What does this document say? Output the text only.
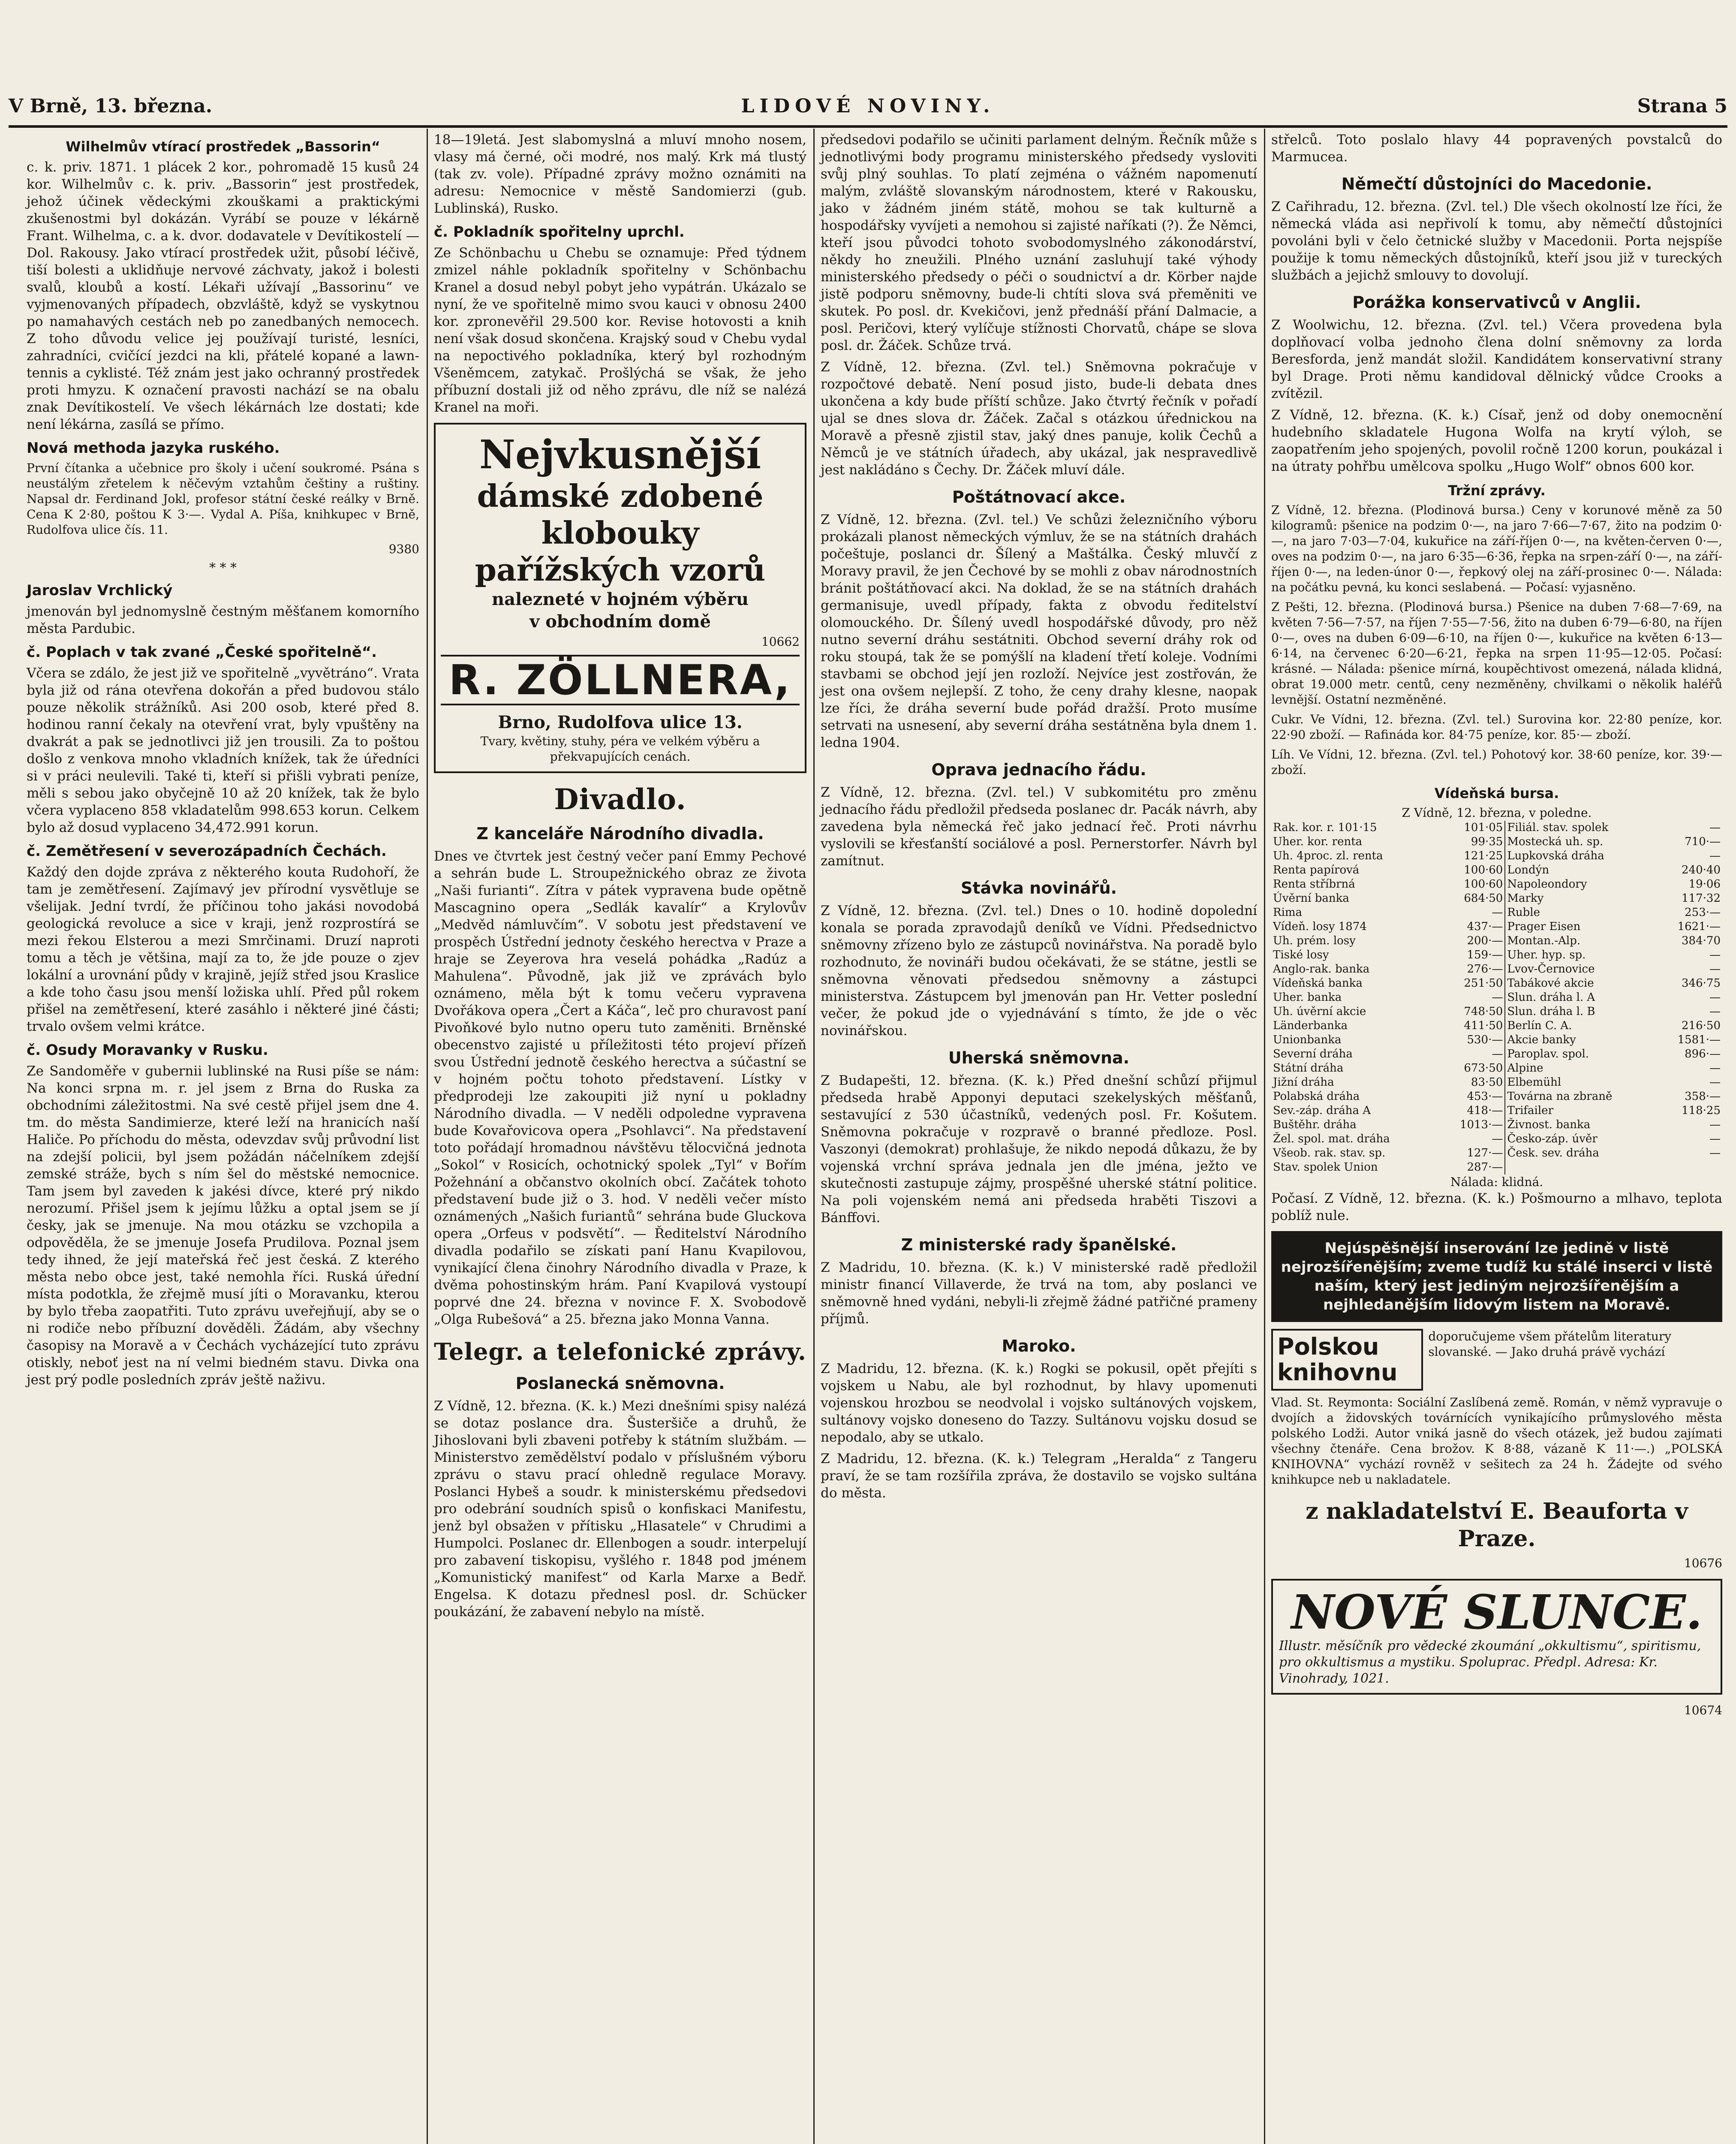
V Brně, 13. března.	LIDOVÉ NOVINY.	Strana 5
Wilhelmův vtírací prostředek „Bassorin“

c. k. priv. 1871. 1 plácek 2 kor., pohromadě 15 kusů 24 kor. Wilhelmův c. k. priv. „Bassorin“ jest prostředek, jehož účinek vědeckými zkouškami a praktickými zkušenostmi byl dokázán. Vyrábí se pouze v lékárně Frant. Wilhelma, c. a k. dvor. dodavatele v Devítikostelí — Dol. Rakousy. Jako vtírací prostředek užit, působí léčivě, tiší bolesti a uklidňuje nervové záchvaty, jakož i bolesti svalů, kloubů a kostí. Lékaři užívají „Bassorinu“ ve vyjmenovaných případech, obzvláště, když se vyskytnou po namahavých cestách neb po zanedbaných nemocech. Z toho důvodu velice jej používají turisté, lesníci, zahradníci, cvičící jezdci na kli, přátelé kopané a lawn-tennis a cyklisté. Též znám jest jako ochranný prostředek proti hmyzu. K označení pravosti nachází se na obalu znak Devítikostelí. Ve všech lékárnách lze dostati; kde není lékárna, zasílá se přímo.

Nová methoda jazyka ruského.

První čítanka a učebnice pro školy i učení soukromé. Psána s neustálým zřetelem k něčevým vztahům češtiny a ruštiny. Napsal dr. Ferdinand Jokl, profesor státní české reálky v Brně. Cena K 2·80, poštou K 3·—. Vydal A. Píša, knihkupec v Brně, Rudolfova ulice čís. 11.

9380
* * *
Jaroslav Vrchlický

jmenován byl jednomyslně čestným měšťanem komorního města Pardubic.

č. Poplach v tak zvané „České spořitelně“.

Včera se zdálo, že jest již ve spořitelně „vyvětráno“. Vrata byla již od rána otevřena dokořán a před budovou stálo pouze několik strážníků. Asi 200 osob, které před 8. hodinou ranní čekaly na otevření vrat, byly vpuštěny na dvakrát a pak se jednotlivci již jen trousili. Za to poštou došlo z venkova mnoho vkladních knížek, tak že úředníci si v práci neulevili. Také ti, kteří si přišli vybrati peníze, měli s sebou jako obyčejně 10 až 20 knížek, tak že bylo včera vyplaceno 858 vkladatelům 998.653 korun. Celkem bylo až dosud vyplaceno 34,472.991 korun.

č. Zemětřesení v severozápadních Čechách.

Každý den dojde zpráva z některého kouta Rudohoří, že tam je zemětřesení. Zajímavý jev přírodní vysvětluje se všelijak. Jední tvrdí, že příčinou toho jakási novodobá geologická revoluce a sice v kraji, jenž rozprostírá se mezi řekou Elsterou a mezi Smrčinami. Druzí naproti tomu a těch je většina, mají za to, že jde pouze o zjev lokální a urovnání půdy v krajině, jejíž střed jsou Kraslice a kde toho času jsou menší ložiska uhlí. Před půl rokem přišel na zemětřesení, které zasáhlo i některé jiné části; trvalo ovšem velmi krátce.

č. Osudy Moravanky v Rusku.

Ze Sandoměře v gubernii lublinské na Rusi píše se nám: Na konci srpna m. r. jel jsem z Brna do Ruska za obchodními záležitostmi. Na své cestě přijel jsem dne 4. tm. do města Sandimierze, které leží na hranicích naší Haliče. Po příchodu do města, odevzdav svůj průvodní list na zdejší policii, byl jsem požádán náčelníkem zdejší zemské stráže, bych s ním šel do městské nemocnice. Tam jsem byl zaveden k jakési dívce, které prý nikdo nerozumí. Přišel jsem k jejímu lůžku a optal jsem se jí česky, jak se jmenuje. Na mou otázku se vzchopila a odpověděla, že se jmenuje Josefa Prudilova. Poznal jsem tedy ihned, že její mateřská řeč jest česká. Z kterého města nebo obce jest, také nemohla říci. Ruská úřední místa podotkla, že zřejmě musí jíti o Moravanku, kterou by bylo třeba zaopatřiti. Tuto zprávu uveřejňují, aby se o ni rodiče nebo příbuzní dověděli. Žádám, aby všechny časopisy na Moravě a v Čechách vycházející tuto zprávu otiskly, neboť jest na ní velmi biedném stavu. Divka ona jest prý podle posledních zpráv ještě naživu.

18—19letá. Jest slabomyslná a mluví mnoho nosem, vlasy má černé, oči modré, nos malý. Krk má tlustý (tak zv. vole). Případné zprávy možno oznámiti na adresu: Nemocnice v městě Sandomierzi (gub. Lublinská), Rusko.

č. Pokladník spořitelny uprchl.

Ze Schönbachu u Chebu se oznamuje: Před týdnem zmizel náhle pokladník spořitelny v Schönbachu Kranel a dosud nebyl pobyt jeho vypátrán. Ukázalo se nyní, že ve spořitelně mimo svou kauci v obnosu 2400 kor. zpronevěřil 29.500 kor. Revise hotovosti a knih není však dosud skončena. Krajský soud v Chebu vydal na nepoctivého pokladníka, který byl rozhodným Všeněmcem, zatykač. Prošlýchá se však, že jeho příbuzní dostali již od něho zprávu, dle níž se nalézá Kranel na moři.

Nejvkusnější
dámské zdobené klobouky
pařížských vzorů
nalezneté v hojném výběru
v obchodním domě
10662
R. ZÖLLNERA,
Brno, Rudolfova ulice 13.
Tvary, květiny, stuhy, péra ve velkém výběru a překvapujících cenách.
Divadlo.
Z kanceláře Národního divadla.

Dnes ve čtvrtek jest čestný večer paní Emmy Pechové a sehrán bude L. Stroupežnického obraz ze života „Naši furianti“. Zítra v pátek vypravena bude opětně Mascagnino opera „Sedlák kavalír“ a Krylovův „Medvěd námluvčím“. V sobotu jest představení ve prospěch Ústřední jednoty českého herectva v Praze a hraje se Zeyerova hra veselá pohádka „Radúz a Mahulena“. Původně, jak již ve zprávách bylo oznámeno, měla být k tomu večeru vypravena Dvořákova opera „Čert a Káča“, leč pro churavost paní Pivoňkové bylo nutno operu tuto zaměniti. Brněnské obecenstvo zajisté u příležitosti této projeví přízeň svou Ústřední jednotě českého herectva a súčastní se v hojném počtu tohoto představení. Lístky v předprodeji lze zakoupiti již nyní u pokladny Národního divadla. — V neděli odpoledne vypravena bude Kovařovicova opera „Psohlavci“. Na představení toto pořádají hromadnou návštěvu tělocvičná jednota „Sokol“ v Rosicích, ochotnický spolek „Tyl“ v Bořím Požehnání a občanstvo okolních obcí. Začátek tohoto představení bude již o 3. hod. V neděli večer místo oznámených „Našich furiantů“ sehrána bude Gluckova opera „Orfeus v podsvětí“. — Ředitelství Národního divadla podařilo se získati paní Hanu Kvapilovou, vynikající člena činohry Národního divadla v Praze, k dvěma pohostinským hrám. Paní Kvapilová vystoupí poprvé dne 24. března v novince F. X. Svobodově „Olga Rubešová“ a 25. března jako Monna Vanna.

Telegr. a telefonické zprávy.
Poslanecká sněmovna.

Z Vídně, 12. března. (K. k.) Mezi dnešními spisy nalézá se dotaz poslance dra. Šusteršiče a druhů, že Jihoslovani byli zbaveni potřeby k státním službám. — Ministerstvo zemědělství podalo v příslušném výboru zprávu o stavu prací ohledně regulace Moravy. Poslanci Hybeš a soudr. k ministerskému předsedovi pro odebrání soudních spisů o konfiskaci Manifestu, jenž byl obsažen v přítisku „Hlasatele“ v Chrudimi a Humpolci. Poslanec dr. Ellenbogen a soudr. interpelují pro zabavení tiskopisu, vyšlého r. 1848 pod jménem „Komunistický manifest“ od Karla Marxe a Bedř. Engelsa. K dotazu přednesl posl. dr. Schücker poukázání, že zabavení nebylo na místě.

předsedovi podařilo se učiniti parlament delným. Řečník může s jednotlivými body programu ministerského předsedy vysloviti svůj plný souhlas. To platí zejména o vážném napomenutí malým, zvláště slovanským národnostem, které v Rakousku, jako v žádném jiném státě, mohou se tak kulturně a hospodářsky vyvíjeti a nemohou si zajisté naříkati (?). Že Němci, kteří jsou původci tohoto svobodomyslného zákonodárství, někdy ho zneužili. Plného uznání zasluhují také výhody ministerského předsedy o péči o soudnictví a dr. Körber najde jistě podporu sněmovny, bude-li chtíti slova svá přeměniti ve skutek. Po posl. dr. Kvekičovi, jenž přednáší přání Dalmacie, a posl. Peričovi, který vylíčuje stížnosti Chorvatů, chápe se slova posl. dr. Žáček. Schůze trvá.

Z Vídně, 12. března. (Zvl. tel.) Sněmovna pokračuje v rozpočtové debatě. Není posud jisto, bude-li debata dnes ukončena a kdy bude příští schůze. Jako čtvrtý řečník v pořadí ujal se dnes slova dr. Žáček. Začal s otázkou úřednickou na Moravě a přesně zjistil stav, jaký dnes panuje, kolik Čechů a Němců je ve státních úřadech, aby ukázal, jak nespravedlivě jest nakládáno s Čechy. Dr. Žáček mluví dále.

Poštátnovací akce.

Z Vídně, 12. března. (Zvl. tel.) Ve schůzi železničního výboru prokázali planost německých výmluv, že se na státních drahách počeštuje, poslanci dr. Šílený a Maštálka. Český mluvčí z Moravy pravil, že jen Čechové by se mohli z obav národnostních bránit poštátňovací akci. Na doklad, že se na státních drahách germanisuje, uvedl případy, fakta z obvodu ředitelství olomouckého. Dr. Šílený uvedl hospodářské důvody, pro něž nutno severní dráhu sestátniti. Obchod severní dráhy rok od roku stoupá, tak že se pomýšlí na kladení třetí koleje. Vodními stavbami se obchod její jen rozloží. Nejvíce jest zostřován, že jest ona ovšem nejlepší. Z toho, že ceny drahy klesne, naopak lze říci, že dráha severní bude pořád dražší. Proto musíme setrvati na usnesení, aby severní dráha sestátněna byla dnem 1. ledna 1904.

Oprava jednacího řádu.

Z Vídně, 12. března. (Zvl. tel.) V subkomitétu pro změnu jednacího řádu předložil předseda poslanec dr. Pacák návrh, aby zavedena byla německá řeč jako jednací řeč. Proti návrhu vyslovili se křesťanští sociálové a posl. Pernerstorfer. Návrh byl zamítnut.

Stávka novinářů.

Z Vídně, 12. března. (Zvl. tel.) Dnes o 10. hodině dopolední konala se porada zpravodajů deníků ve Vídni. Předsednictvo sněmovny zřízeno bylo ze zástupců novinářstva. Na poradě bylo rozhodnuto, že novináři budou očekávati, že se státne, jestli se sněmovna věnovati předsedou sněmovny a zástupci ministerstva. Zástupcem byl jmenován pan Hr. Vetter poslední večer, že pokud jde o vyjednávání s tímto, že jde o věc novinářskou.

Uherská sněmovna.

Z Budapešti, 12. března. (K. k.) Před dnešní schůzí přijmul předseda hrabě Apponyi deputaci szekelyských měšťanů, sestavující z 530 účastníků, vedených posl. Fr. Košutem. Sněmovna pokračuje v rozpravě o branné předloze. Posl. Vaszonyi (demokrat) prohlašuje, že nikdo nepodá důkazu, že by vojenská vrchní správa jednala jen dle jména, ježto ve skutečnosti zastupuje zájmy, prospěšné uherské státní politice. Na poli vojenském nemá ani předseda hraběti Tiszovi a Bánffovi.

Z ministerské rady španělské.

Z Madridu, 10. března. (K. k.) V ministerské radě předložil ministr financí Villaverde, že trvá na tom, aby poslanci ve sněmovně hned vydáni, nebyli-li zřejmě žádné patřičné prameny příjmů.

Maroko.

Z Madridu, 12. března. (K. k.) Rogki se pokusil, opět přejíti s vojskem u Nabu, ale byl rozhodnut, by hlavy upomenuti vojenskou hrozbou se neodvolal i vojsko sultánových vojskem, sultánovy vojsko doneseno do Tazzy. Sultánovu vojsku dosud se nepodalo, aby se utkalo.

Z Madridu, 12. března. (K. k.) Telegram „Heralda“ z Tangeru praví, že se tam rozšířila zpráva, že dostavilo se vojsko sultána do města.

střelců. Toto poslalo hlavy 44 popravených povstalců do Marmucea.

Němečtí důstojníci do Macedonie.

Z Cařihradu, 12. března. (Zvl. tel.) Dle všech okolností lze říci, že německá vláda asi nepřivolí k tomu, aby němečtí důstojníci povoláni byli v čelo četnické služby v Macedonii. Porta nejspíše použije k tomu německých důstojníků, kteří jsou již v tureckých službách a jejichž smlouvy to dovolují.

Porážka konservativců v Anglii.

Z Woolwichu, 12. března. (Zvl. tel.) Včera provedena byla doplňovací volba jednoho člena dolní sněmovny za lorda Beresforda, jenž mandát složil. Kandidátem konservativní strany byl Drage. Proti němu kandidoval dělnický vůdce Crooks a zvítězil.

Z Vídně, 12. března. (K. k.) Císař, jenž od doby onemocnění hudebního skladatele Hugona Wolfa na krytí výloh, se zaopatřením jeho spojených, povolil ročně 1200 korun, poukázal i na útraty pohřbu umělcova spolku „Hugo Wolf“ obnos 600 kor.

Tržní zprávy.

Z Vídně, 12. března. (Plodinová bursa.) Ceny v korunové měně za 50 kilogramů: pšenice na podzim 0·—, na jaro 7·66—7·67, žito na podzim 0·—, na jaro 7·03—7·04, kukuřice na září-říjen 0·—, na květen-červen 0·—, oves na podzim 0·—, na jaro 6·35—6·36, řepka na srpen-září 0·—, na září-říjen 0·—, na leden-únor 0·—, řepkový olej na září-prosinec 0·—. Nálada: na počátku pevná, ku konci seslabená. — Počasí: vyjasněno.

Z Pešti, 12. března. (Plodinová bursa.) Pšenice na duben 7·68—7·69, na květen 7·56—7·57, na říjen 7·55—7·56, žito na duben 6·79—6·80, na říjen 0·—, oves na duben 6·09—6·10, na říjen 0·—, kukuřice na květen 6·13—6·14, na červenec 6·20—6·21, řepka na srpen 11·95—12·05. Počasí: krásné. — Nálada: pšenice mírná, koupěchtivost omezená, nálada klidná, obrat 19.000 metr. centů, ceny nezměněny, chvilkami o několik haléřů levnější. Ostatní nezměněné.

Cukr. Ve Vídni, 12. března. (Zvl. tel.) Surovina kor. 22·80 peníze, kor. 22·90 zboží. — Rafináda kor. 84·75 peníze, kor. 85·— zboží.

Líh. Ve Vídni, 12. března. (Zvl. tel.) Pohotový kor. 38·60 peníze, kor. 39·— zboží.

Vídeňská bursa.
Z Vídně, 12. března, v poledne.
Rak. kor. r. 101·15	101·05	Filiál. stav. spolek	—
Uher. kor. renta	99·35	Mostecká uh. sp.	710·—
Uh. 4proc. zl. renta	121·25	Lupkovská dráha	—
Renta papírová	100·60	Londýn	240·40
Renta stříbrná	100·60	Napoleondory	19·06
Úvěrní banka	684·50	Marky	117·32
Rima	—	Ruble	253·—
Vídeň. losy 1874	437·—	Prager Eisen	1621·—
Uh. prém. losy	200·—	Montan.-Alp.	384·70
Tiské losy	159·—	Uher. hyp. sp.	—
Anglo-rak. banka	276·—	Lvov-Černovice	—
Vídeňská banka	251·50	Tabákové akcie	346·75
Uher. banka	—	Slun. dráha l. A	—
Uh. úvěrní akcie	748·50	Slun. dráha l. B	—
Länderbanka	411·50	Berlín C. A.	216·50
Unionbanka	530·—	Akcie banky	1581·—
Severní dráha	—	Paroplav. spol.	896·—
Státní dráha	673·50	Alpine	—
Jižní dráha	83·50	Elbemühl	—
Polabská dráha	453·—	Továrna na zbraně	358·—
Sev.-záp. dráha A	418·—	Trifailer	118·25
Buštěhr. dráha	1013·—	Živnost. banka	—
Žel. spol. mat. dráha	—	Česko-záp. úvěr	—
Všeob. rak. stav. sp.	127·—	Česk. sev. dráha	—
Stav. spolek Union	287·—		
Nálada: klidná.

Počasí. Z Vídně, 12. března. (K. k.) Pošmourno a mlhavo, teplota poblíž nule.

Nejúspěšnější inserování lze jedině v listě nejrozšířenějším; zveme tudíž ku stálé inserci v listě naším, který jest jediným nejrozšířenějším a nejhledanějším lidovým listem na Moravě.
Polskou knihovnu
doporučujeme všem přátelům literatury slovanské. — Jako druhá právě vychází

Vlad. St. Reymonta: Sociální Zaslíbená země. Román, v němž vypravuje o dvojích a židovských továrnících vynikajícího průmyslového města polského Lodži. Autor vniká jasně do všech otázek, jež budou zajímati všechny čtenáře. Cena brožov. K 8·88, vázaně K 11·—.) „POLSKÁ KNIHOVNA“ vychází rovněž v sešitech za 24 h. Žádejte od svého knihkupce neb u nakladatele.

z nakladatelství E. Beaufortа v Praze.
10676
NOVÉ SLUNCE.
Illustr. měsíčník pro vědecké zkoumání „okkultismu“, spiritismu, pro okkultismus a mystiku. Spoluprac. Předpl. Adresa: Kr. Vinohrady, 1021.
10674
